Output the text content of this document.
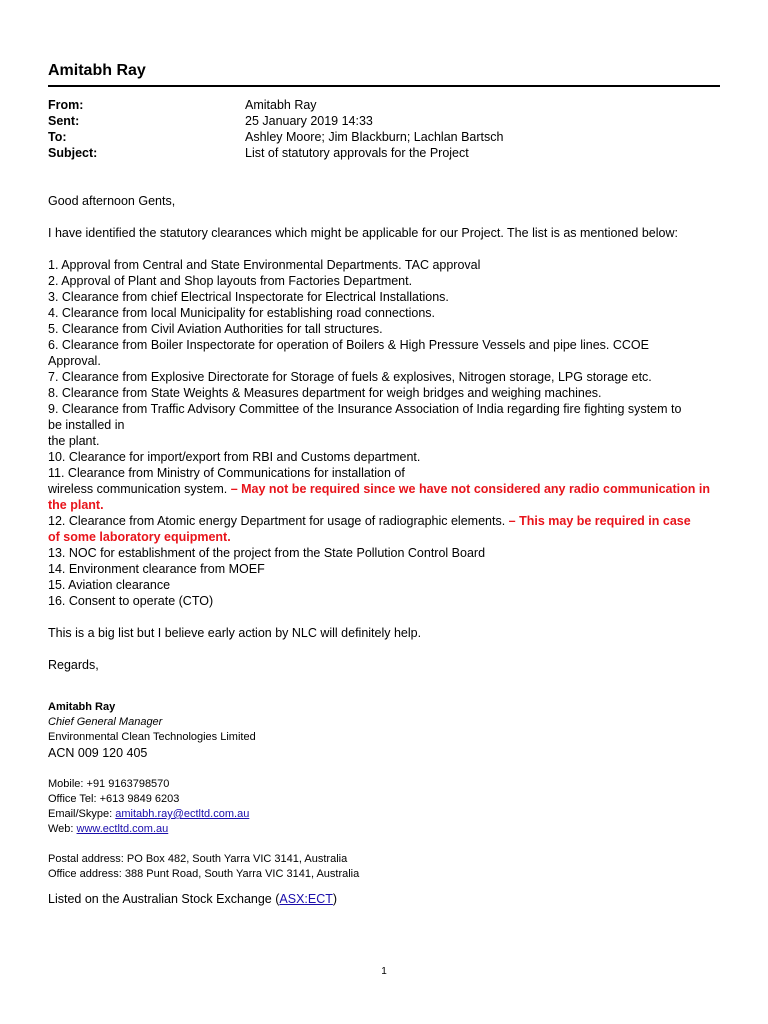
Amitabh Ray
From:	Amitabh Ray
Sent:	25 January 2019 14:33
To:	Ashley Moore; Jim Blackburn; Lachlan Bartsch
Subject:	List of statutory approvals for the Project

Good afternoon Gents,

I have identified the statutory clearances which might be applicable for our Project. The list is as mentioned below:

1. Approval from Central and State Environmental Departments. TAC approval

2. Approval of Plant and Shop layouts from Factories Department.

3. Clearance from chief Electrical Inspectorate for Electrical Installations.

4. Clearance from local Municipality for establishing road connections.

5. Clearance from Civil Aviation Authorities for tall structures.

6. Clearance from Boiler Inspectorate for operation of Boilers & High Pressure Vessels and pipe lines. CCOE

Approval.

7. Clearance from Explosive Directorate for Storage of fuels & explosives, Nitrogen storage, LPG storage etc.

8. Clearance from State Weights & Measures department for weigh bridges and weighing machines.

9. Clearance from Traffic Advisory Committee of the Insurance Association of India regarding fire fighting system to

be installed in

the plant.

10. Clearance for import/export from RBI and Customs department.

11. Clearance from Ministry of Communications for installation of

wireless communication system. – May not be required since we have not considered any radio communication in

the plant.

12. Clearance from Atomic energy Department for usage of radiographic elements. – This may be required in case

of some laboratory equipment.

13. NOC for establishment of the project from the State Pollution Control Board

14. Environment clearance from MOEF

15. Aviation clearance

16. Consent to operate (CTO)

This is a big list but I believe early action by NLC will definitely help.

Regards,

Amitabh Ray

Chief General Manager

Environmental Clean Technologies Limited

ACN 009 120 405

Mobile: +91 9163798570

Office Tel: +613 9849 6203

Email/Skype: amitabh.ray@ectltd.com.au

Web: www.ectltd.com.au

Postal address: PO Box 482, South Yarra VIC 3141, Australia

Office address: 388 Punt Road, South Yarra VIC 3141, Australia

Listed on the Australian Stock Exchange (ASX:ECT)

1
